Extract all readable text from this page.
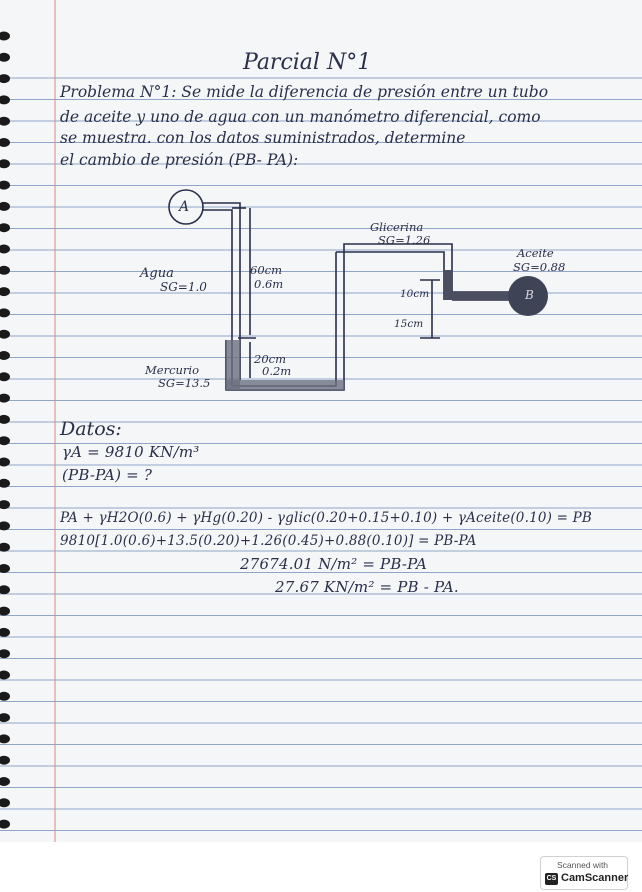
Parcial N°1
Problema N°1: Se mide la diferencia de presión entre un tubo
de aceite y uno de agua con un manómetro diferencial, como
se muestra. con los datos suministrados, determine
el cambio de presión (PB- PA):
A
B
Agua
SG=1.0
60cm
0.6m
20cm
0.2m
Mercurio
SG=13.5
Glicerina
SG=1.26
Aceite
SG=0.88
10cm
15cm
Datos:
γA = 9810 KN/m³
(PB-PA) = ?
PA + γH2O(0.6) + γHg(0.20) - γglic(0.20+0.15+0.10) + γAceite(0.10) = PB
9810[1.0(0.6)+13.5(0.20)+1.26(0.45)+0.88(0.10)] = PB-PA
27674.01 N/m² = PB-PA
27.67 KN/m² = PB - PA.
Scanned with
CS CamScanner
